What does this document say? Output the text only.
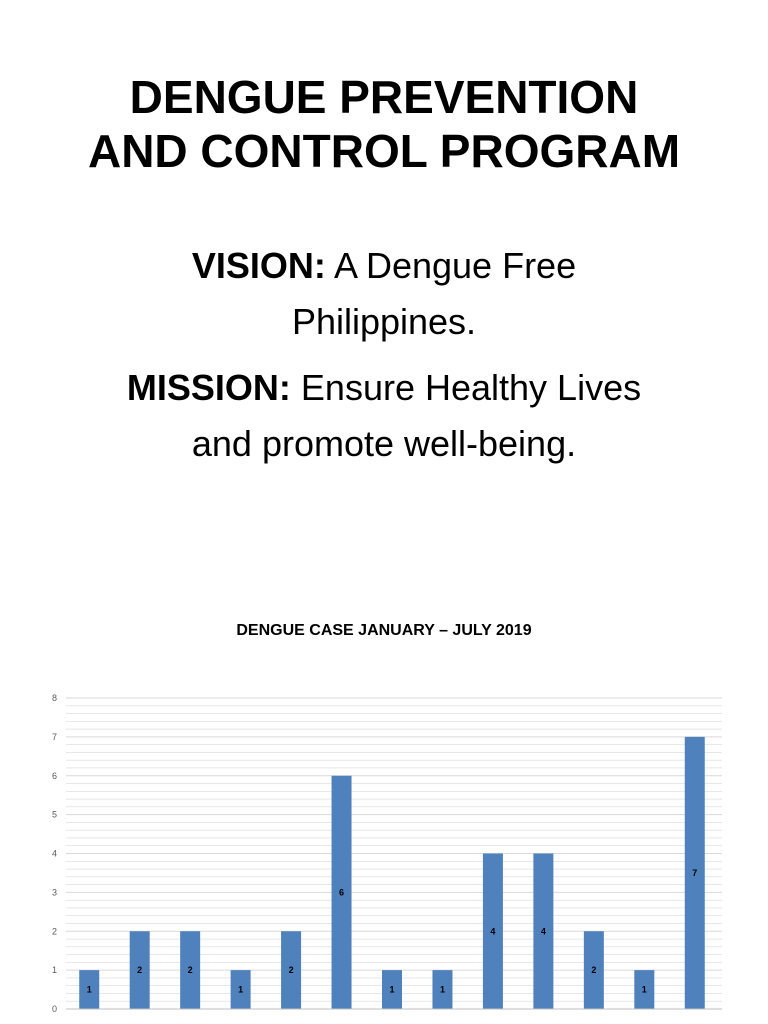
DENGUE PREVENTION
AND CONTROL PROGRAM
VISION: A Dengue Free
Philippines.
MISSION: Ensure Healthy Lives
and promote well-being.
DENGUE CASE JANUARY – JULY 2019
0
1
2
3
4
5
6
7
8
1
2	2
1
2
6
1	1
4	4
2
1
7
